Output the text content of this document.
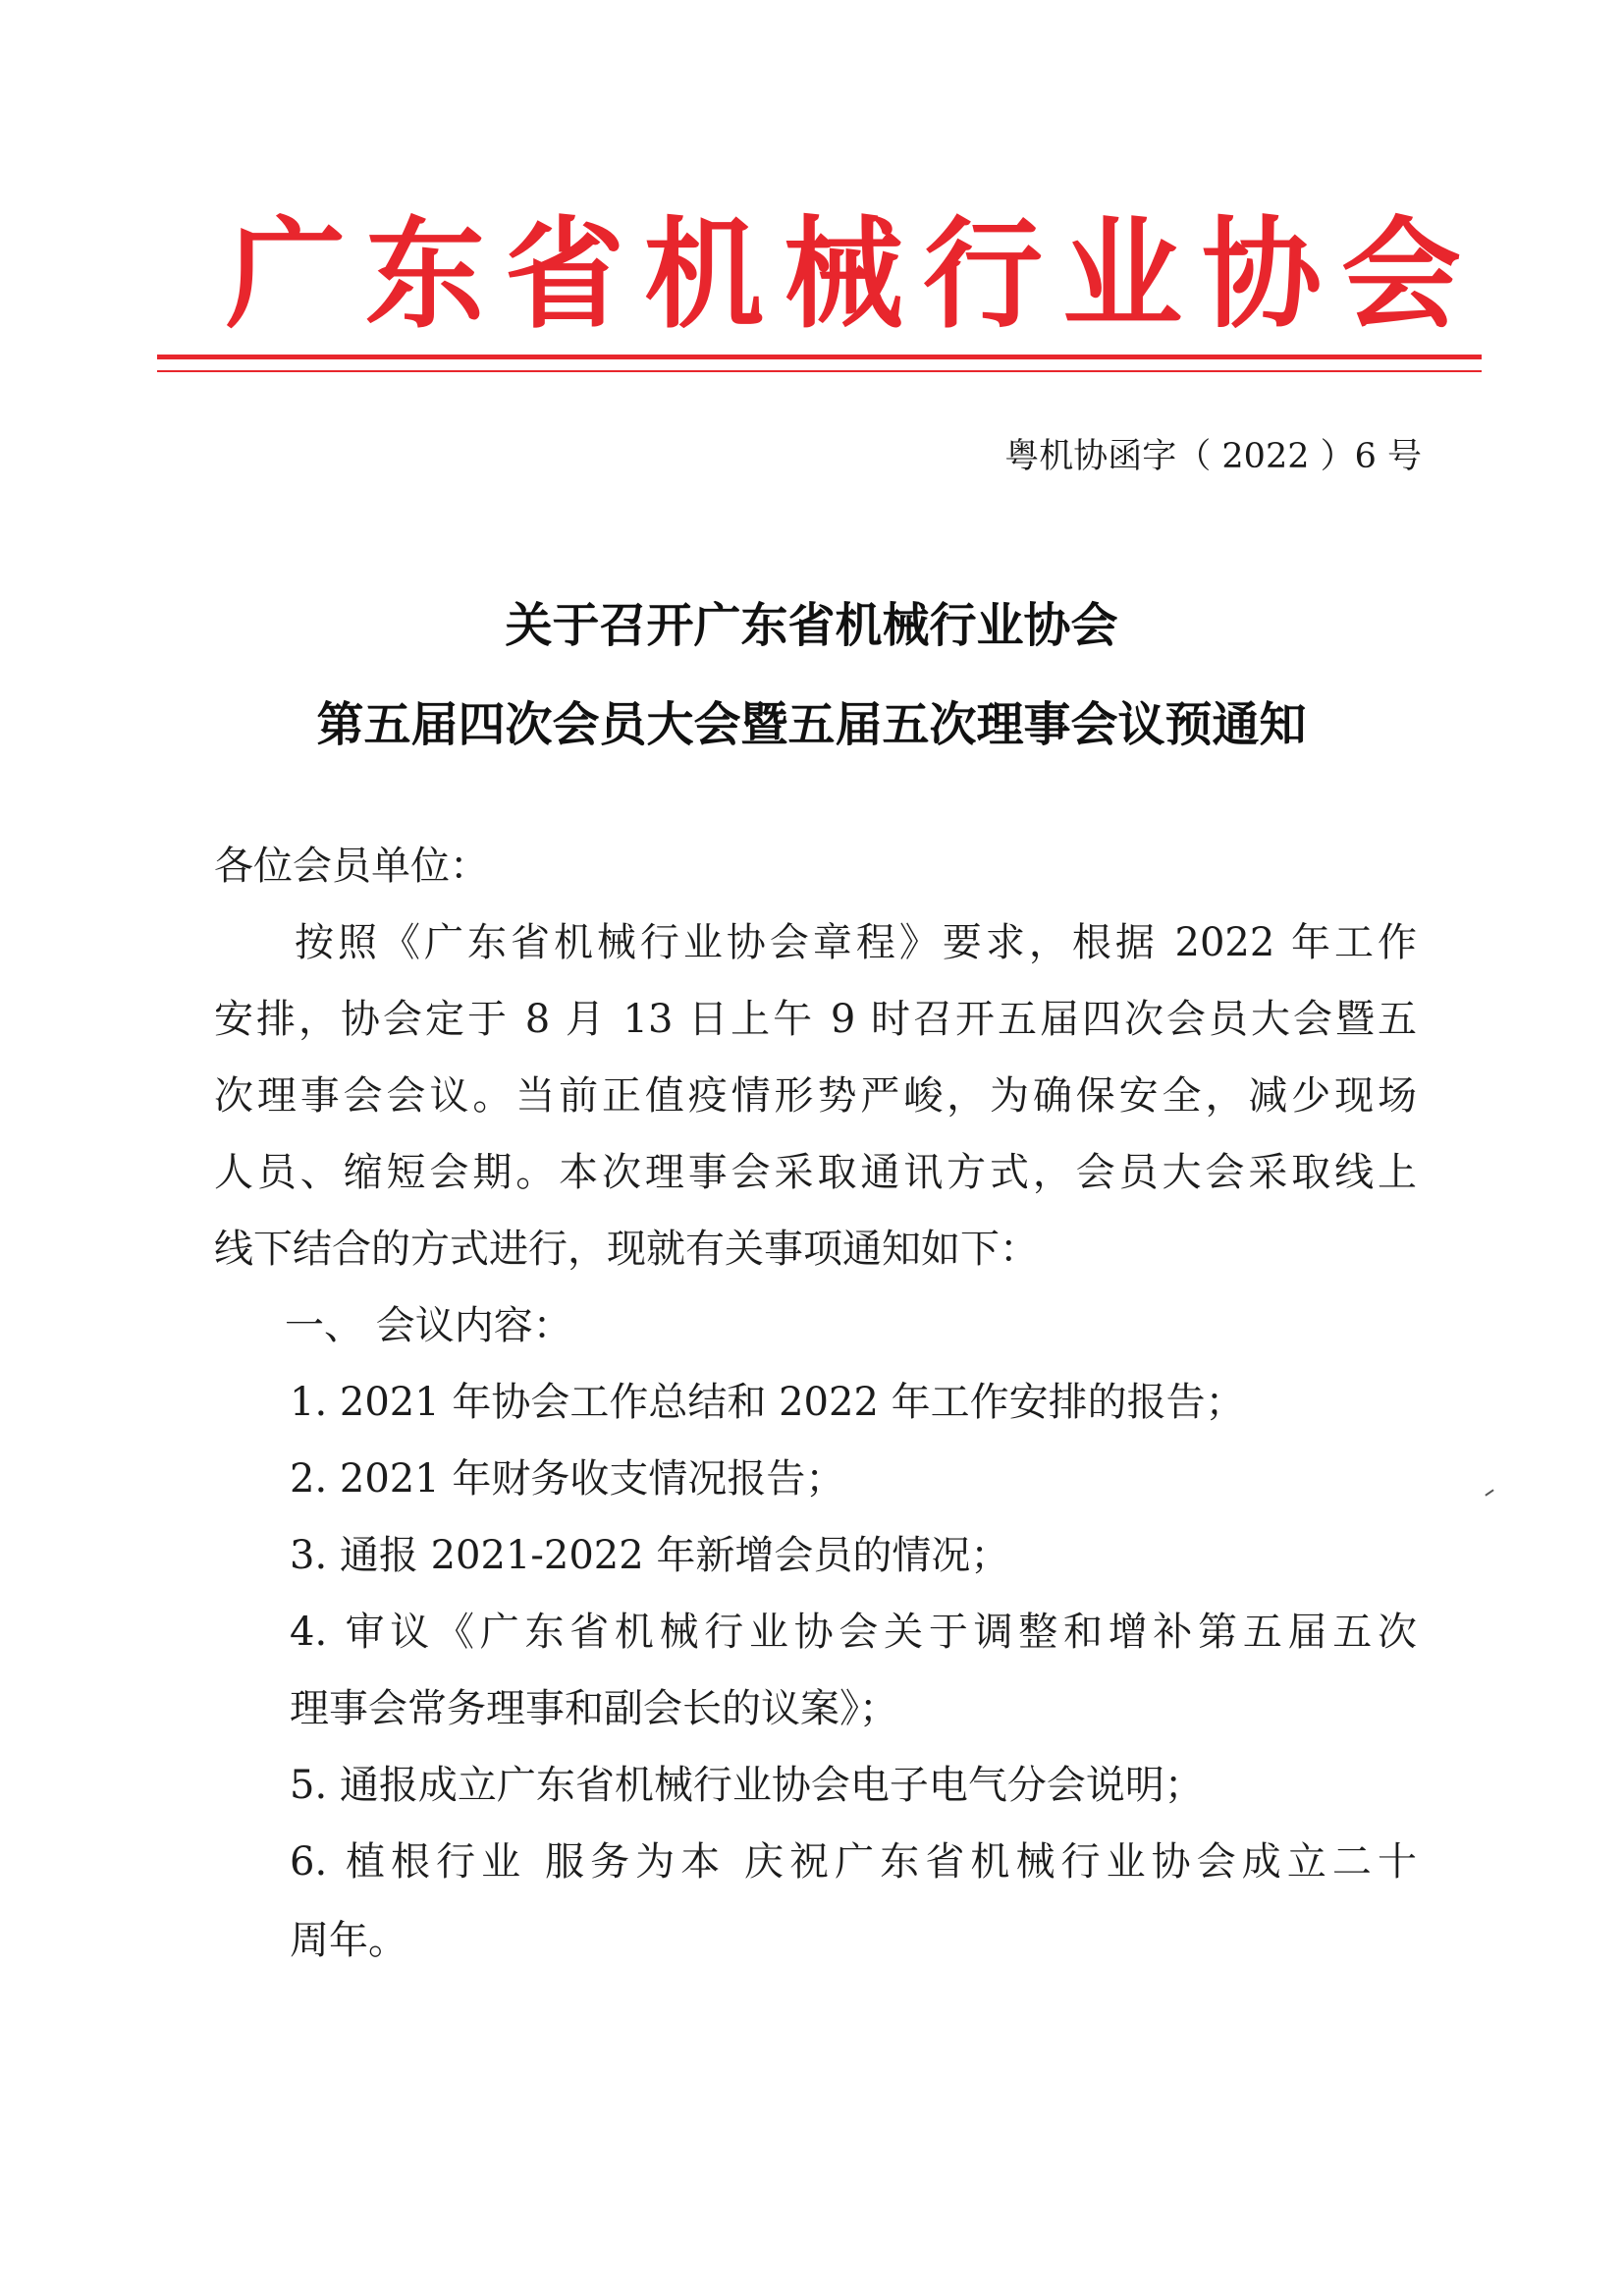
广东省机械行业协会
粤机协函字（ 2022 ）6 号
关于召开广东省机械行业协会
第五届四次会员大会暨五届五次理事会议预通知
各位会员单位：
按照《广东省机械行业协会章程》要求，根据 2022 年工作
安排，协会定于 8 月 13 日上午 9 时召开五届四次会员大会暨五
次理事会会议。当前正值疫情形势严峻，为确保安全，减少现场
人员、缩短会期。本次理事会采取通讯方式，会员大会采取线上
线下结合的方式进行，现就有关事项通知如下：
一、 会议内容：
1. 2021 年协会工作总结和 2022 年工作安排的报告；
2. 2021 年财务收支情况报告；
3. 通报 2021-2022 年新增会员的情况；
4. 审议《广东省机械行业协会关于调整和增补第五届五次
理事会常务理事和副会长的议案》；
5. 通报成立广东省机械行业协会电子电气分会说明；
6. 植根行业 服务为本 庆祝广东省机械行业协会成立二十
周年。
